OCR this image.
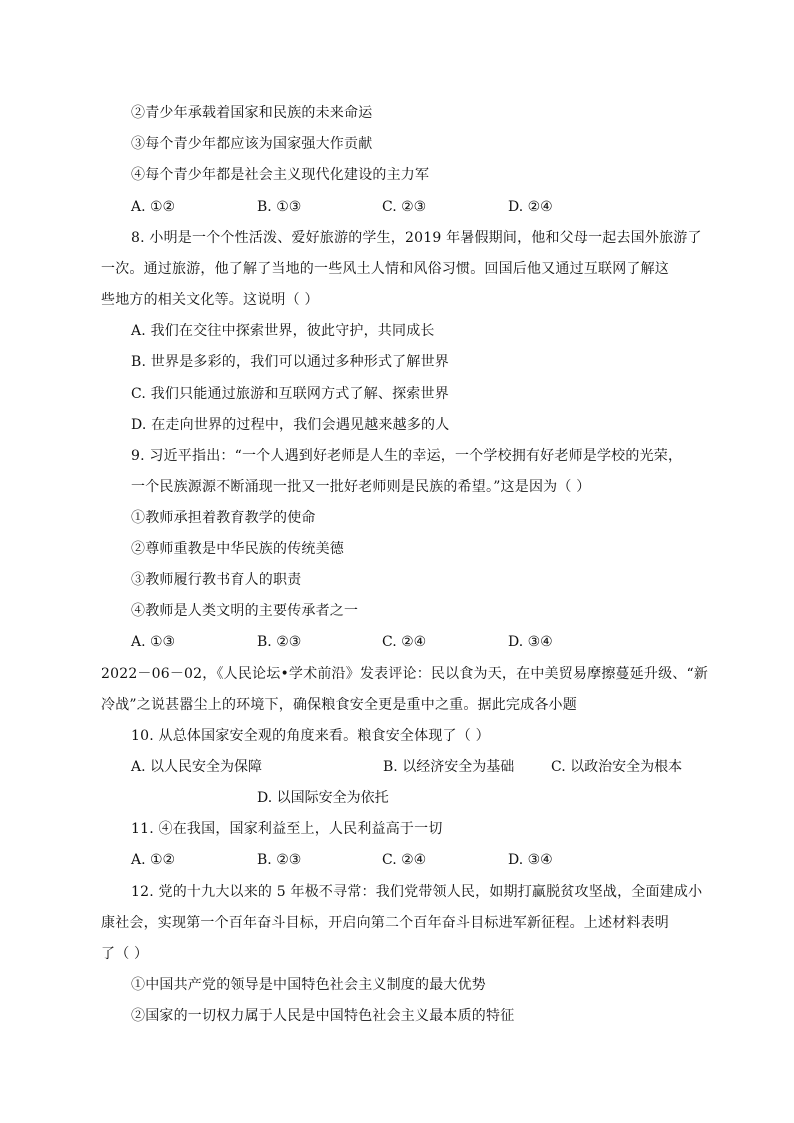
②青少年承载着国家和民族的未来命运
③每个青少年都应该为国家强大作贡献
④每个青少年都是社会主义现代化建设的主力军
A. ①②	B. ①③	C. ②③	D. ②④
8. 小明是一个个性活泼、爱好旅游的学生，2019 年暑假期间，他和父母一起去国外旅游了
一次。通过旅游，他了解了当地的一些风土人情和风俗习惯。回国后他又通过互联网了解这
些地方的相关文化等。这说明（ ）
A. 我们在交往中探索世界，彼此守护，共同成长
B. 世界是多彩的，我们可以通过多种形式了解世界
C. 我们只能通过旅游和互联网方式了解、探索世界
D. 在走向世界的过程中，我们会遇见越来越多的人
9. 习近平指出：“一个人遇到好老师是人生的幸运，一个学校拥有好老师是学校的光荣，
一个民族源源不断涌现一批又一批好老师则是民族的希望。”这是因为（ ）
①教师承担着教育教学的使命
②尊师重教是中华民族的传统美德
③教师履行教书育人的职责
④教师是人类文明的主要传承者之一
A. ①③	B. ②③	C. ②④	D. ③④
2022－06－02，《人民论坛•学术前沿》发表评论：民以食为天，在中美贸易摩擦蔓延升级、“新
冷战”之说甚嚣尘上的环境下，确保粮食安全更是重中之重。据此完成各小题
10. 从总体国家安全观的角度来看。粮食安全体现了（ ）
A. 以人民安全为保障	B. 以经济安全为基础	C. 以政治安全为根本
D. 以国际安全为依托
11. ④在我国，国家利益至上，人民利益高于一切
A. ①②	B. ②③	C. ②④	D. ③④
12. 党的十九大以来的 5 年极不寻常：我们党带领人民，如期打赢脱贫攻坚战，全面建成小
康社会，实现第一个百年奋斗目标，开启向第二个百年奋斗目标进军新征程。上述材料表明
了（ ）
①中国共产党的领导是中国特色社会主义制度的最大优势
②国家的一切权力属于人民是中国特色社会主义最本质的特征
